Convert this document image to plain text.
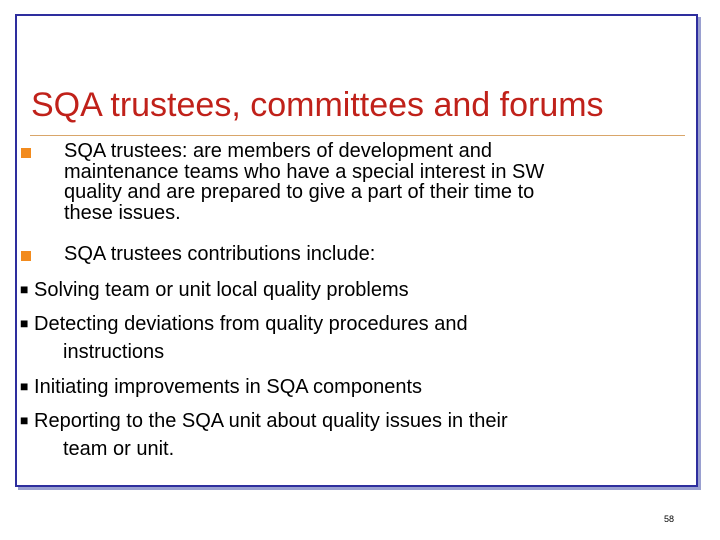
SQA trustees, committees and forums
SQA trustees: are members of development and
maintenance teams who have a special interest in SW
quality and are prepared to give a part of their time to
these issues.
SQA trustees contributions include:
■ Solving team or unit local quality problems
■ Detecting deviations from quality procedures and
instructions
■ Initiating improvements in SQA components
■ Reporting to the SQA unit about quality issues in their
team or unit.
58
